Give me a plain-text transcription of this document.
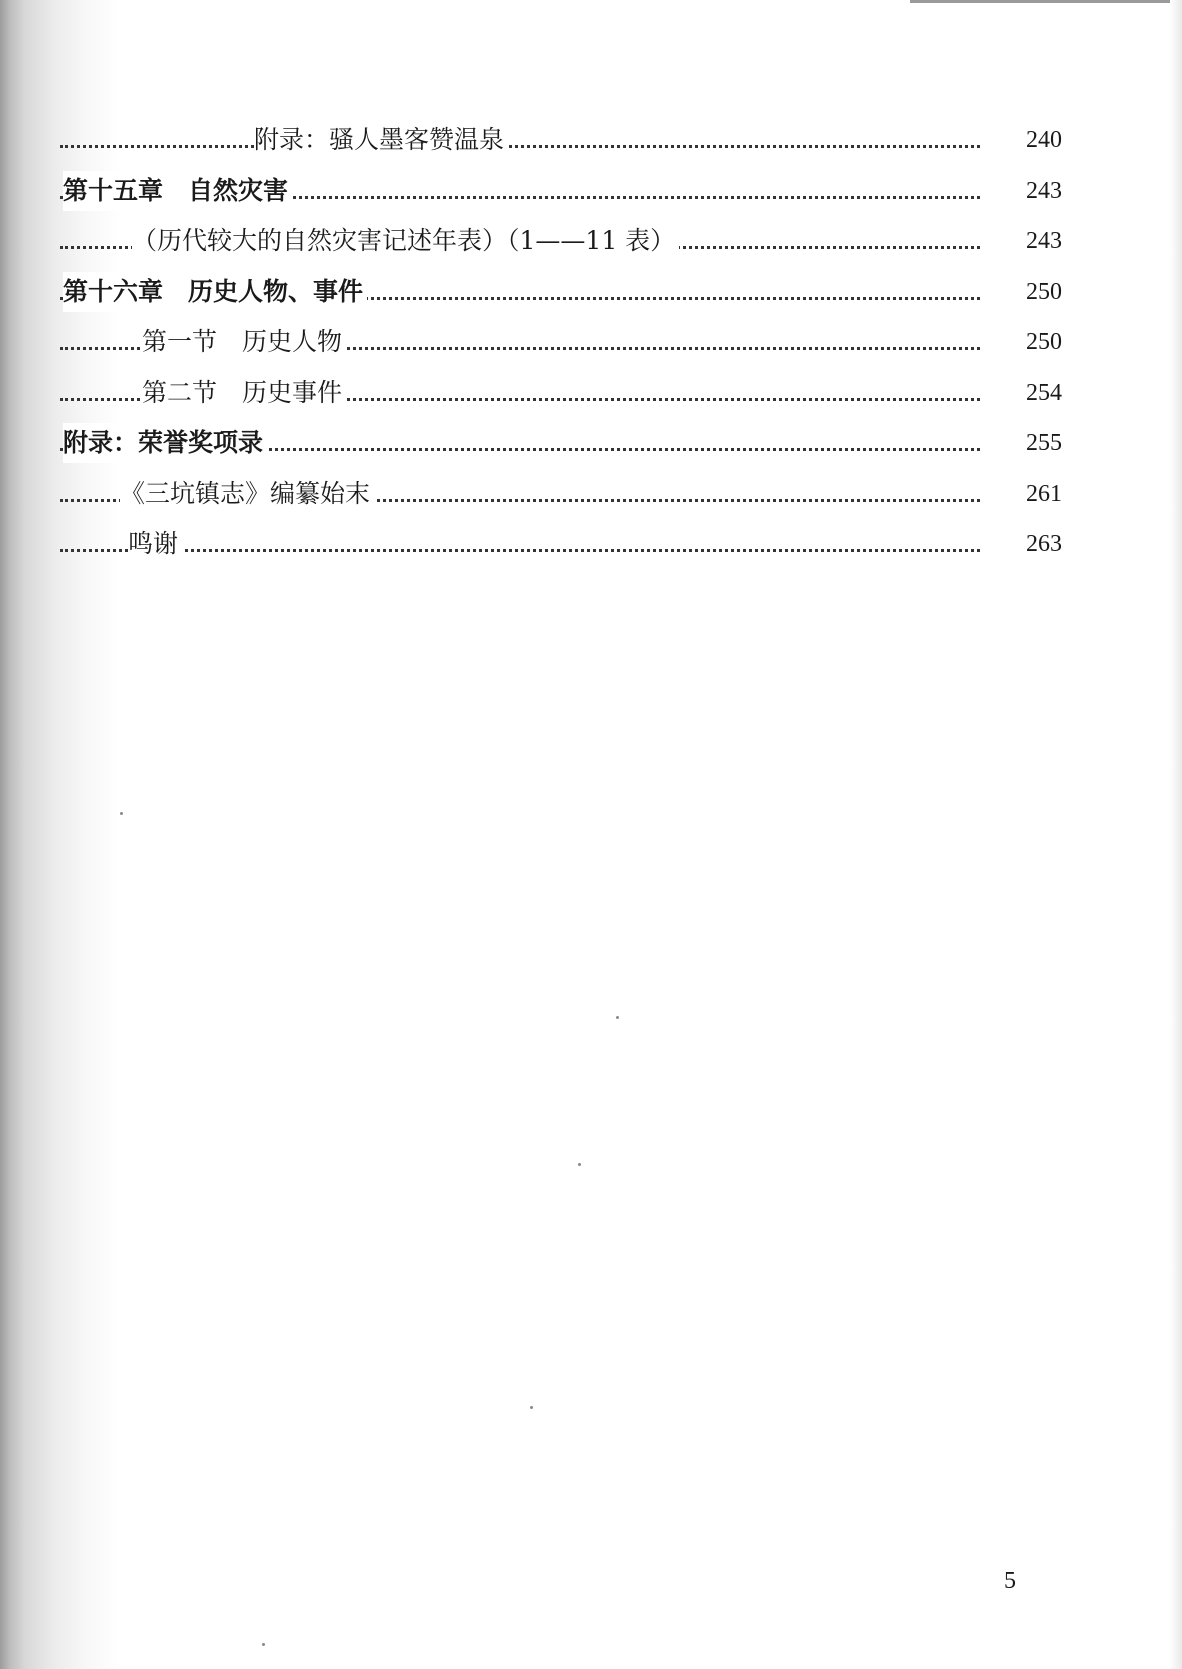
附录：骚人墨客赞温泉	240
第十五章　自然灾害	243
（历代较大的自然灾害记述年表）（1——11 表）	243
第十六章　历史人物、事件	250
第一节　历史人物	250
第二节　历史事件	254
附录：荣誉奖项录	255
《三坑镇志》编纂始末	261
鸣谢	263
5
